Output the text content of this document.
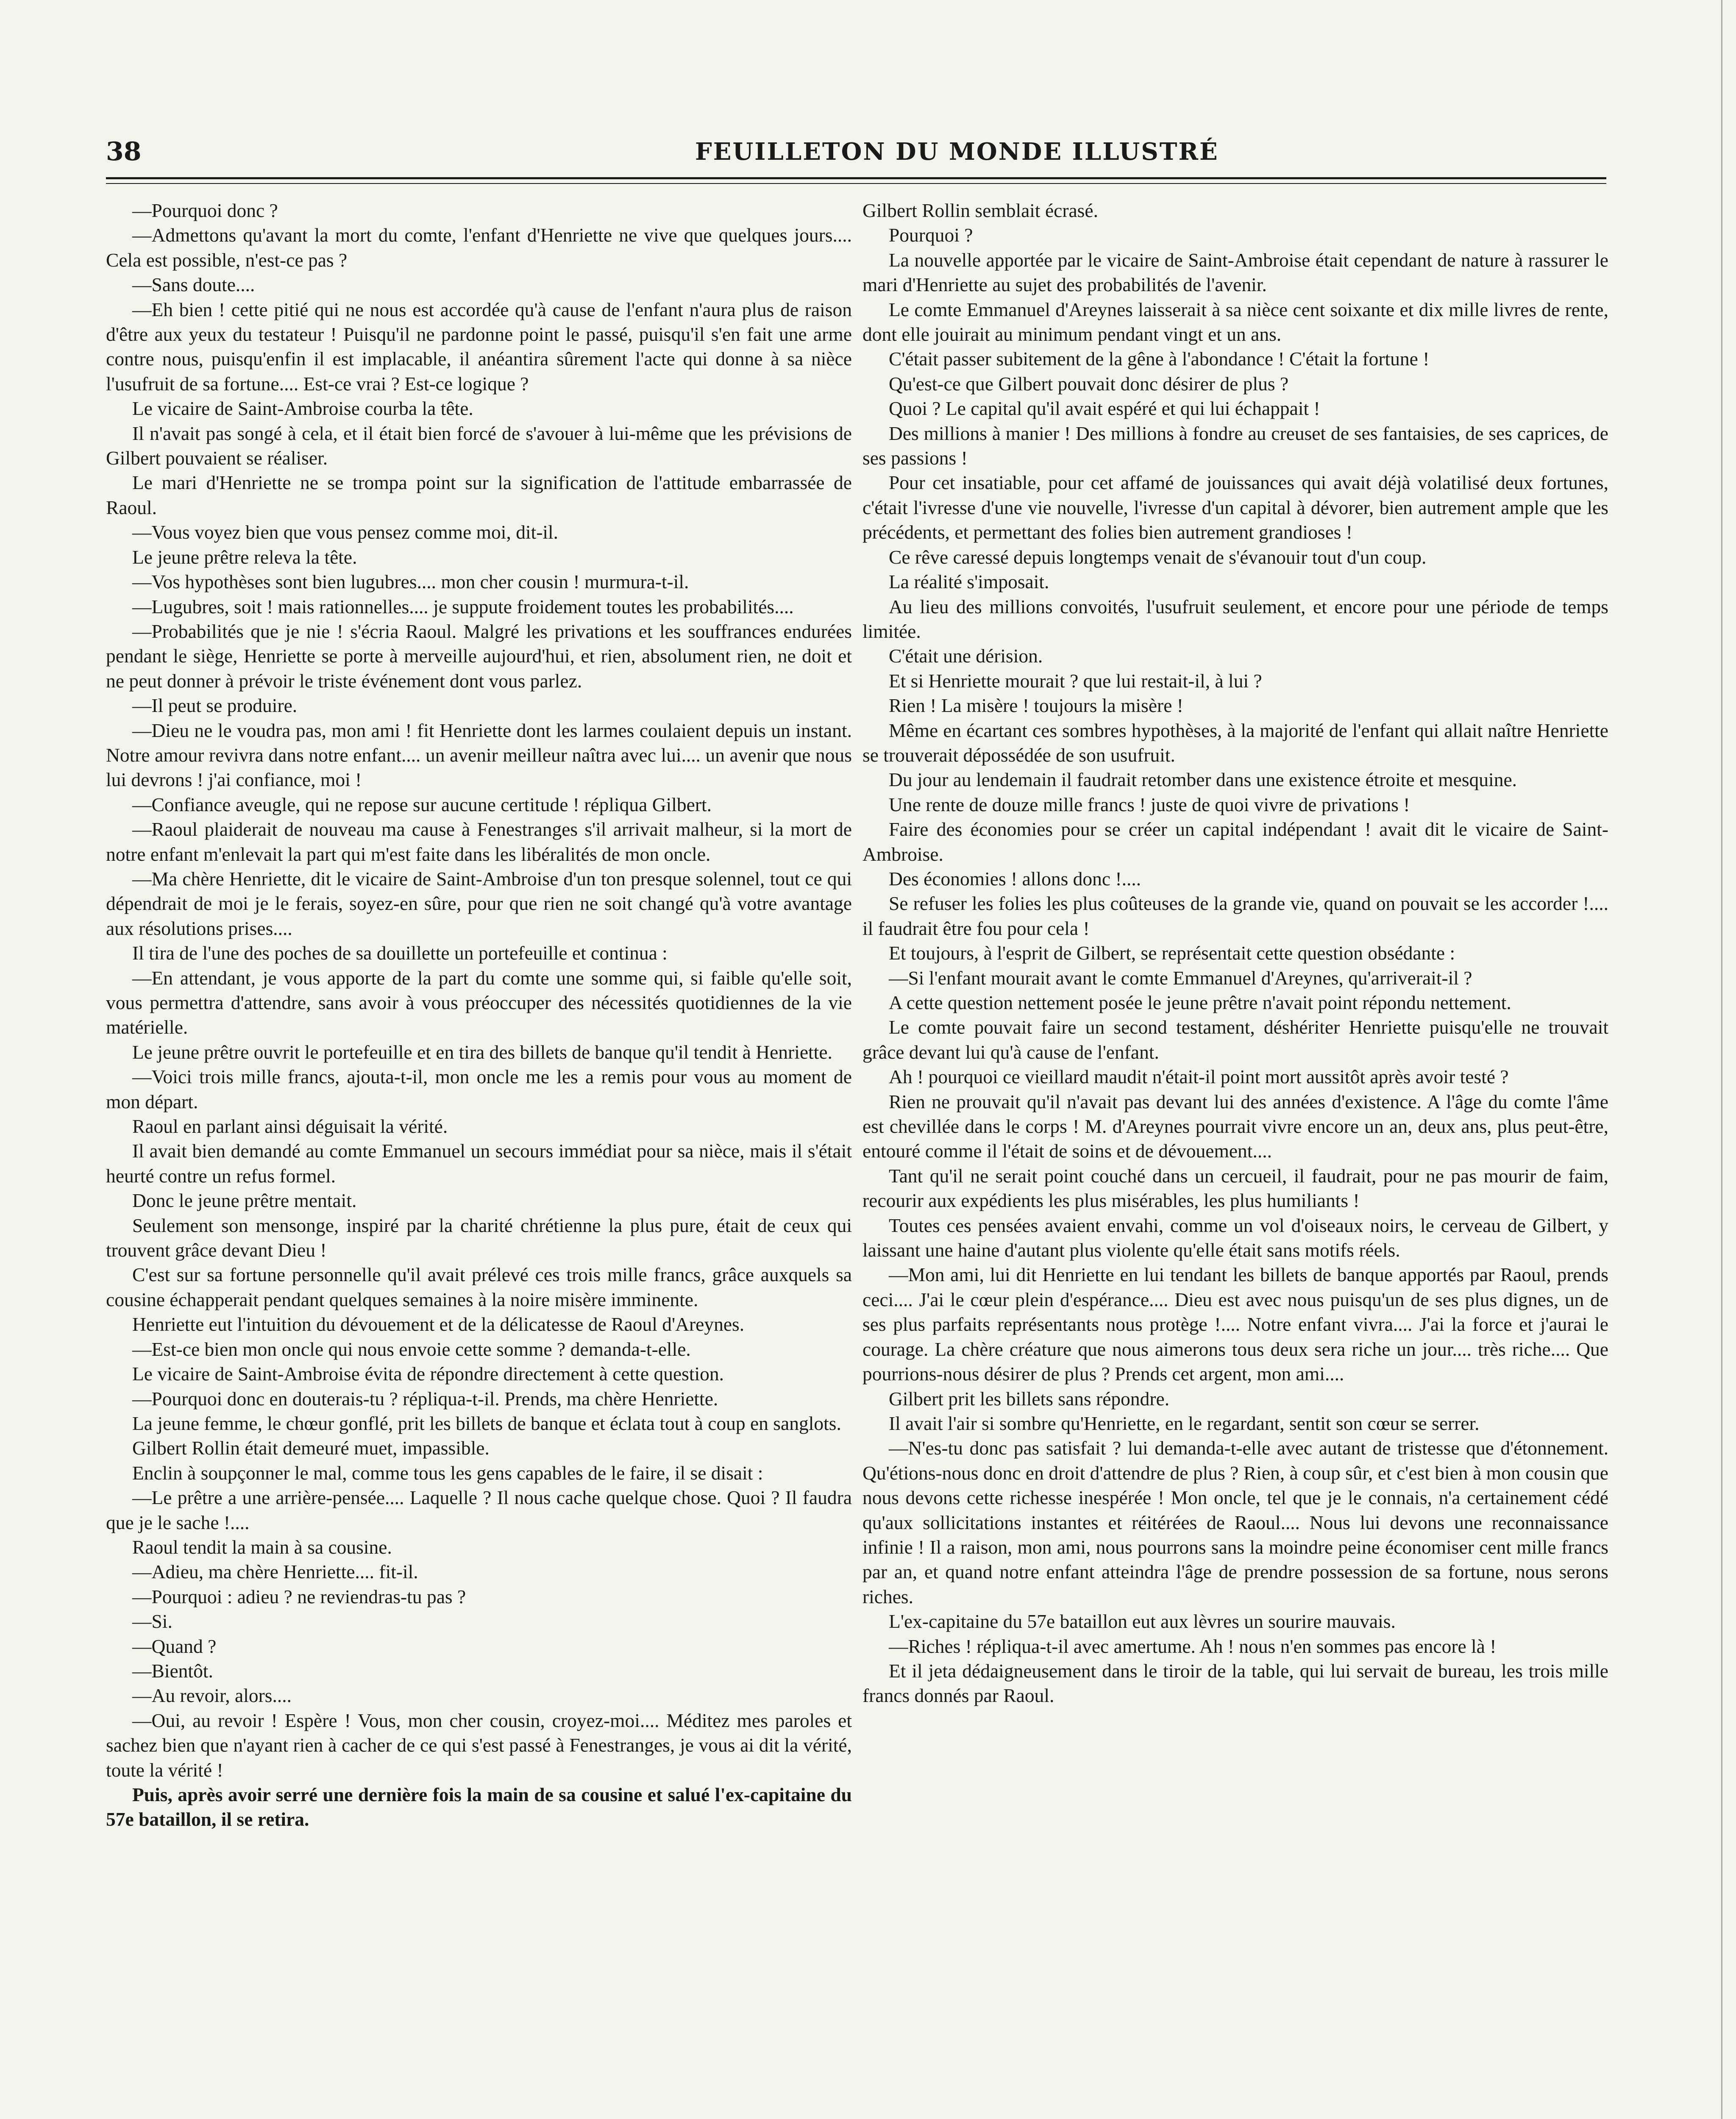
38	FEUILLETON DU MONDE ILLUSTRÉ

—Pourquoi donc ?

—Admettons qu'avant la mort du comte, l'enfant d'Henriette ne vive que quelques jours.... Cela est possible, n'est-ce pas ?

—Sans doute....

—Eh bien ! cette pitié qui ne nous est accordée qu'à cause de l'enfant n'aura plus de raison d'être aux yeux du testateur ! Puisqu'il ne pardonne point le passé, puisqu'il s'en fait une arme contre nous, puisqu'enfin il est implacable, il anéantira sûrement l'acte qui donne à sa nièce l'usufruit de sa fortune.... Est-ce vrai ? Est-ce logique ?

Le vicaire de Saint-Ambroise courba la tête.

Il n'avait pas songé à cela, et il était bien forcé de s'avouer à lui-même que les prévisions de Gilbert pouvaient se réaliser.

Le mari d'Henriette ne se trompa point sur la signification de l'attitude embarrassée de Raoul.

—Vous voyez bien que vous pensez comme moi, dit-il.

Le jeune prêtre releva la tête.

—Vos hypothèses sont bien lugubres.... mon cher cousin ! murmura-t-il.

—Lugubres, soit ! mais rationnelles.... je suppute froidement toutes les probabilités....

—Probabilités que je nie ! s'écria Raoul. Malgré les privations et les souffrances endurées pendant le siège, Henriette se porte à merveille aujourd'hui, et rien, absolument rien, ne doit et ne peut donner à prévoir le triste événement dont vous parlez.

—Il peut se produire.

—Dieu ne le voudra pas, mon ami ! fit Henriette dont les larmes coulaient depuis un instant. Notre amour revivra dans notre enfant.... un avenir meilleur naîtra avec lui.... un avenir que nous lui devrons ! j'ai confiance, moi !

—Confiance aveugle, qui ne repose sur aucune certitude ! répliqua Gilbert.

—Raoul plaiderait de nouveau ma cause à Fenestranges s'il arrivait malheur, si la mort de notre enfant m'enlevait la part qui m'est faite dans les libéralités de mon oncle.

—Ma chère Henriette, dit le vicaire de Saint-Ambroise d'un ton presque solennel, tout ce qui dépendrait de moi je le ferais, soyez-en sûre, pour que rien ne soit changé qu'à votre avantage aux résolutions prises....

Il tira de l'une des poches de sa douillette un portefeuille et continua :

—En attendant, je vous apporte de la part du comte une somme qui, si faible qu'elle soit, vous permettra d'attendre, sans avoir à vous préoccuper des nécessités quotidiennes de la vie matérielle.

Le jeune prêtre ouvrit le portefeuille et en tira des billets de banque qu'il tendit à Henriette.

—Voici trois mille francs, ajouta-t-il, mon oncle me les a remis pour vous au moment de mon départ.

Raoul en parlant ainsi déguisait la vérité.

Il avait bien demandé au comte Emmanuel un secours immédiat pour sa nièce, mais il s'était heurté contre un refus formel.

Donc le jeune prêtre mentait.

Seulement son mensonge, inspiré par la charité chrétienne la plus pure, était de ceux qui trouvent grâce devant Dieu !

C'est sur sa fortune personnelle qu'il avait prélevé ces trois mille francs, grâce auxquels sa cousine échapperait pendant quelques semaines à la noire misère imminente.

Henriette eut l'intuition du dévouement et de la délicatesse de Raoul d'Areynes.

—Est-ce bien mon oncle qui nous envoie cette somme ? demanda-t-elle.

Le vicaire de Saint-Ambroise évita de répondre directement à cette question.

—Pourquoi donc en douterais-tu ? répliqua-t-il. Prends, ma chère Henriette.

La jeune femme, le chœur gonflé, prit les billets de banque et éclata tout à coup en sanglots.

Gilbert Rollin était demeuré muet, impassible.

Enclin à soupçonner le mal, comme tous les gens capables de le faire, il se disait :

—Le prêtre a une arrière-pensée.... Laquelle ? Il nous cache quelque chose. Quoi ? Il faudra que je le sache !....

Raoul tendit la main à sa cousine.

—Adieu, ma chère Henriette.... fit-il.

—Pourquoi : adieu ? ne reviendras-tu pas ?

—Si.

—Quand ?

—Bientôt.

—Au revoir, alors....

—Oui, au revoir ! Espère ! Vous, mon cher cousin, croyez-moi.... Méditez mes paroles et sachez bien que n'ayant rien à cacher de ce qui s'est passé à Fenestranges, je vous ai dit la vérité, toute la vérité !

Puis, après avoir serré une dernière fois la main de sa cousine et salué l'ex-capitaine du 57e bataillon, il se retira.

Gilbert Rollin semblait écrasé.

Pourquoi ?

La nouvelle apportée par le vicaire de Saint-Ambroise était cependant de nature à rassurer le mari d'Henriette au sujet des probabilités de l'avenir.

Le comte Emmanuel d'Areynes laisserait à sa nièce cent soixante et dix mille livres de rente, dont elle jouirait au minimum pendant vingt et un ans.

C'était passer subitement de la gêne à l'abondance ! C'était la fortune !

Qu'est-ce que Gilbert pouvait donc désirer de plus ?

Quoi ? Le capital qu'il avait espéré et qui lui échappait !

Des millions à manier ! Des millions à fondre au creuset de ses fantaisies, de ses caprices, de ses passions !

Pour cet insatiable, pour cet affamé de jouissances qui avait déjà volatilisé deux fortunes, c'était l'ivresse d'une vie nouvelle, l'ivresse d'un capital à dévorer, bien autrement ample que les précédents, et permettant des folies bien autrement grandioses !

Ce rêve caressé depuis longtemps venait de s'évanouir tout d'un coup.

La réalité s'imposait.

Au lieu des millions convoités, l'usufruit seulement, et encore pour une période de temps limitée.

C'était une dérision.

Et si Henriette mourait ? que lui restait-il, à lui ?

Rien ! La misère ! toujours la misère !

Même en écartant ces sombres hypothèses, à la majorité de l'enfant qui allait naître Henriette se trouverait dépossédée de son usufruit.

Du jour au lendemain il faudrait retomber dans une existence étroite et mesquine.

Une rente de douze mille francs ! juste de quoi vivre de privations !

Faire des économies pour se créer un capital indépendant ! avait dit le vicaire de Saint-Ambroise.

Des économies ! allons donc !....

Se refuser les folies les plus coûteuses de la grande vie, quand on pouvait se les accorder !.... il faudrait être fou pour cela !

Et toujours, à l'esprit de Gilbert, se représentait cette question obsédante :

—Si l'enfant mourait avant le comte Emmanuel d'Areynes, qu'arriverait-il ?

A cette question nettement posée le jeune prêtre n'avait point répondu nettement.

Le comte pouvait faire un second testament, déshériter Henriette puisqu'elle ne trouvait grâce devant lui qu'à cause de l'enfant.

Ah ! pourquoi ce vieillard maudit n'était-il point mort aussitôt après avoir testé ?

Rien ne prouvait qu'il n'avait pas devant lui des années d'existence. A l'âge du comte l'âme est chevillée dans le corps ! M. d'Areynes pourrait vivre encore un an, deux ans, plus peut-être, entouré comme il l'était de soins et de dévouement....

Tant qu'il ne serait point couché dans un cercueil, il faudrait, pour ne pas mourir de faim, recourir aux expédients les plus misérables, les plus humiliants !

Toutes ces pensées avaient envahi, comme un vol d'oiseaux noirs, le cerveau de Gilbert, y laissant une haine d'autant plus violente qu'elle était sans motifs réels.

—Mon ami, lui dit Henriette en lui tendant les billets de banque apportés par Raoul, prends ceci.... J'ai le cœur plein d'espérance.... Dieu est avec nous puisqu'un de ses plus dignes, un de ses plus parfaits représentants nous protège !.... Notre enfant vivra.... J'ai la force et j'aurai le courage. La chère créature que nous aimerons tous deux sera riche un jour.... très riche.... Que pourrions-nous désirer de plus ? Prends cet argent, mon ami....

Gilbert prit les billets sans répondre.

Il avait l'air si sombre qu'Henriette, en le regardant, sentit son cœur se serrer.

—N'es-tu donc pas satisfait ? lui demanda-t-elle avec autant de tristesse que d'étonnement. Qu'étions-nous donc en droit d'attendre de plus ? Rien, à coup sûr, et c'est bien à mon cousin que nous devons cette richesse inespérée ! Mon oncle, tel que je le connais, n'a certainement cédé qu'aux sollicitations instantes et réitérées de Raoul.... Nous lui devons une reconnaissance infinie ! Il a raison, mon ami, nous pourrons sans la moindre peine économiser cent mille francs par an, et quand notre enfant atteindra l'âge de prendre possession de sa fortune, nous serons riches.

L'ex-capitaine du 57e bataillon eut aux lèvres un sourire mauvais.

—Riches ! répliqua-t-il avec amertume. Ah ! nous n'en sommes pas encore là !

Et il jeta dédaigneusement dans le tiroir de la table, qui lui servait de bureau, les trois mille francs donnés par Raoul.
